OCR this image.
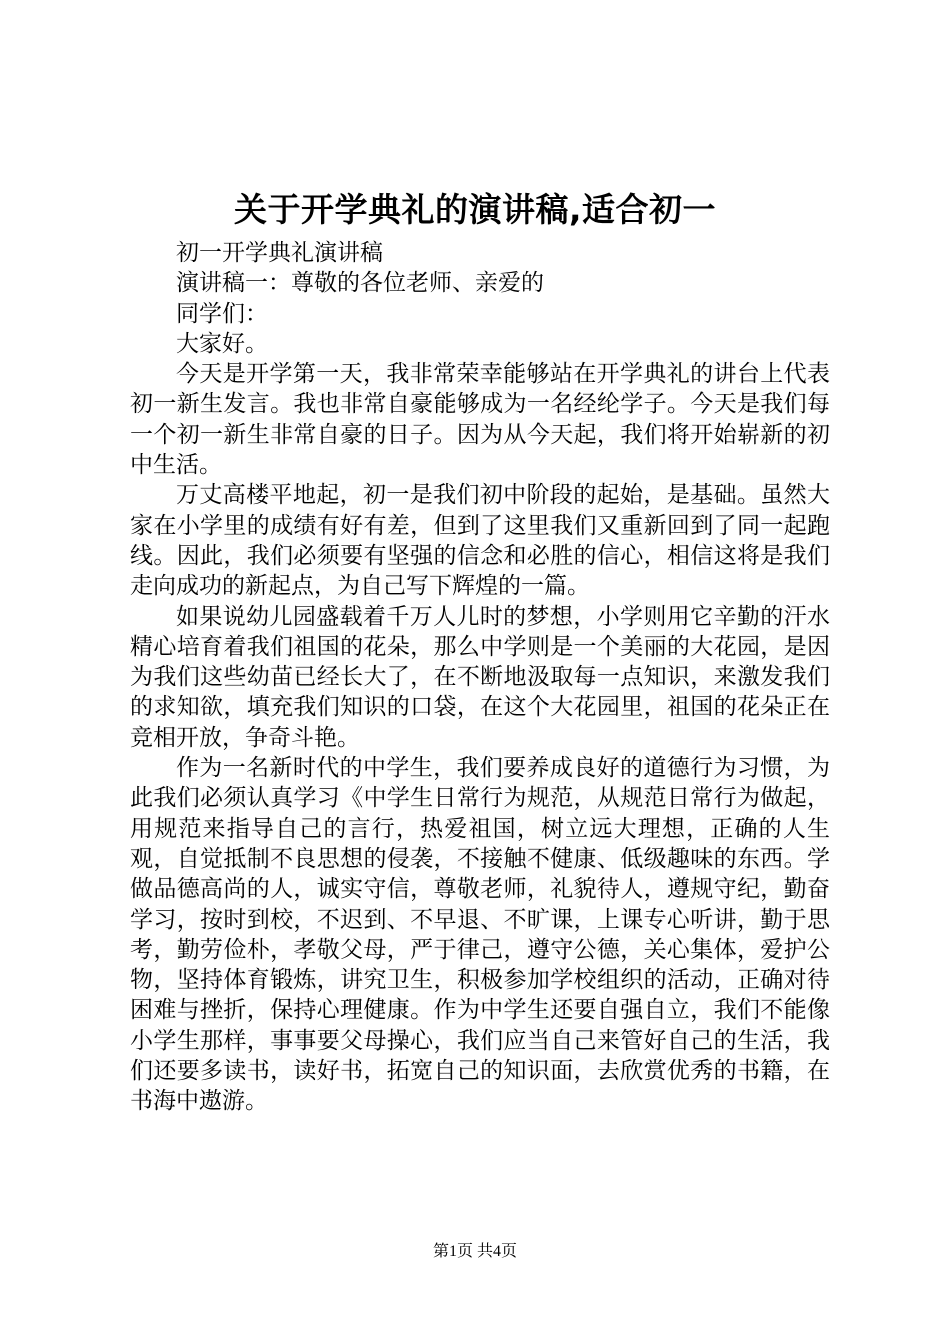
关于开学典礼的演讲稿,适合初一

初一开学典礼演讲稿

演讲稿一：尊敬的各位老师、亲爱的

同学们：

大家好。

今天是开学第一天，我非常荣幸能够站在开学典礼的讲台上代表初一新生发言。我也非常自豪能够成为一名经纶学子。今天是我们每一个初一新生非常自豪的日子。因为从今天起，我们将开始崭新的初中生活。

万丈高楼平地起，初一是我们初中阶段的起始，是基础。虽然大家在小学里的成绩有好有差，但到了这里我们又重新回到了同一起跑线。因此，我们必须要有坚强的信念和必胜的信心，相信这将是我们走向成功的新起点，为自己写下辉煌的一篇。

如果说幼儿园盛载着千万人儿时的梦想，小学则用它辛勤的汗水精心培育着我们祖国的花朵，那么中学则是一个美丽的大花园，是因为我们这些幼苗已经长大了，在不断地汲取每一点知识，来激发我们的求知欲，填充我们知识的口袋，在这个大花园里，祖国的花朵正在竞相开放，争奇斗艳。

作为一名新时代的中学生，我们要养成良好的道德行为习惯，为此我们必须认真学习《中学生日常行为规范，从规范日常行为做起，用规范来指导自己的言行，热爱祖国，树立远大理想，正确的人生观，自觉抵制不良思想的侵袭，不接触不健康、低级趣味的东西。学做品德高尚的人，诚实守信，尊敬老师，礼貌待人，遵规守纪，勤奋学习，按时到校，不迟到、不早退、不旷课，上课专心听讲，勤于思考，勤劳俭朴，孝敬父母，严于律己，遵守公德，关心集体，爱护公物，坚持体育锻炼，讲究卫生，积极参加学校组织的活动，正确对待困难与挫折，保持心理健康。作为中学生还要自强自立，我们不能像小学生那样，事事要父母操心，我们应当自己来管好自己的生活，我们还要多读书，读好书，拓宽自己的知识面，去欣赏优秀的书籍，在书海中遨游。

第1页 共4页
